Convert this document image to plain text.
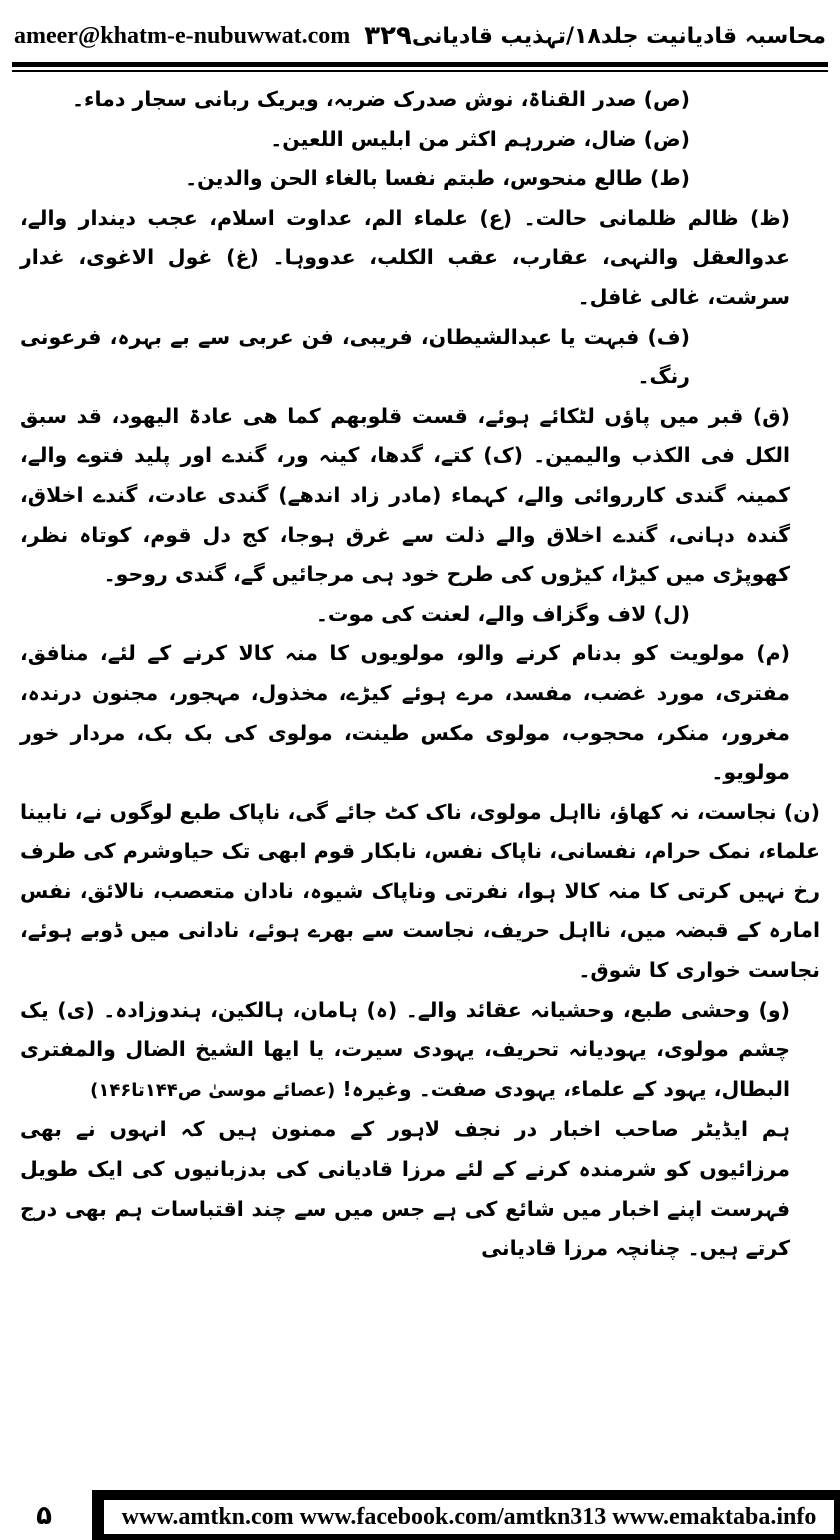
ameer@khatm-e-nubuwwat.com ۳۲۹ محاسبہ قادیانیت جلد۱۸/تہذیب قادیانی

(ص) صدر القناۃ، نوش صدرک ضربہ، ویریک ربانی سجار دماء۔

(ض) ضال، ضررہم اکثر من ابلیس اللعین۔

(ط) طالع منحوس، طبتم نفسا بالغاء الحن والدین۔

(ظ) ظالم ظلمانی حالت۔ (ع) علماء الم، عداوت اسلام، عجب دیندار والے، عدوالعقل والنہی، عقارب، عقب الکلب، عدووہا۔ (غ) غول الاغوی، غدار سرشت، غالی غافل۔

(ف) فبہت یا عبدالشیطان، فریبی، فن عربی سے بے بہرہ، فرعونی رنگ۔

(ق) قبر میں پاؤں لٹکائے ہوئے، قست قلوبھم کما ھی عادۃ الیھود، قد سبق الکل فی الکذب والیمین۔ (ک) کتے، گدھا، کینہ ور، گندے اور پلید فتوے والے، کمینہ گندی کارروائی والے، کہماء (مادر زاد اندھے) گندی عادت، گندے اخلاق، گندہ دہانی، گندے اخلاق والے ذلت سے غرق ہوجا، کج دل قوم، کوتاہ نظر، کھوپڑی میں کیڑا، کیڑوں کی طرح خود ہی مرجائیں گے، گندی روحو۔

(ل) لاف وگزاف والے، لعنت کی موت۔

(م) مولویت کو بدنام کرنے والو، مولویوں کا منہ کالا کرنے کے لئے، منافق، مفتری، مورد غضب، مفسد، مرے ہوئے کیڑے، مخذول، مہجور، مجنون درندہ، مغرور، منکر، محجوب، مولوی مکس طینت، مولوی کی بک بک، مردار خور مولویو۔

(ن) نجاست، نہ کھاؤ، نااہل مولوی، ناک کٹ جائے گی، ناپاک طبع لوگوں نے، نابینا علماء، نمک حرام، نفسانی، ناپاک نفس، نابکار قوم ابھی تک حیاوشرم کی طرف رخ نہیں کرتی کا منہ کالا ہوا، نفرتی وناپاک شیوہ، نادان متعصب، نالائق، نفس امارہ کے قبضہ میں، نااہل حریف، نجاست سے بھرے ہوئے، نادانی میں ڈوبے ہوئے، نجاست خواری کا شوق۔

(و) وحشی طبع، وحشیانہ عقائد والے۔ (ہ) ہامان، ہالکین، ہندوزادہ۔ (ی) یک چشم مولوی، یہودیانہ تحریف، یہودی سیرت، یا ایھا الشیخ الضال والمفتری البطال، یہود کے علماء، یہودی صفت۔ وغیرہ! (عصائے موسیٰ ص۱۴۴تا۱۴۶)

ہم ایڈیٹر صاحب اخبار در نجف لاہور کے ممنون ہیں کہ انہوں نے بھی مرزائیوں کو شرمندہ کرنے کے لئے مرزا قادیانی کی بدزبانیوں کی ایک طویل فہرست اپنے اخبار میں شائع کی ہے جس میں سے چند اقتباسات ہم بھی درج کرتے ہیں۔ چنانچہ مرزا قادیانی

۵	www.amtkn.com www.facebook.com/amtkn313 www.emaktaba.info
